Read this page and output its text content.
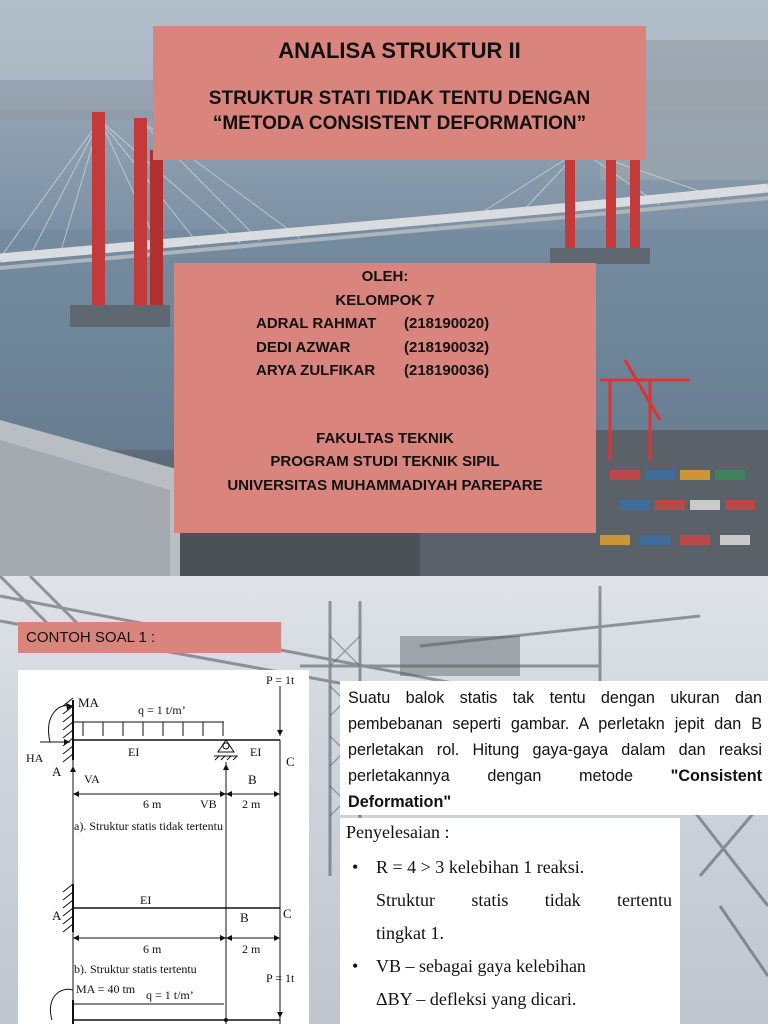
ANALISA STRUKTUR II
STRUKTUR STATI TIDAK TENTU DENGAN
“METODA CONSISTENT DEFORMATION”
OLEH:
KELOMPOK 7
ADRAL RAHMAT	(218190020)
DEDI AZWAR	(218190032)
ARYA ZULFIKAR	(218190036)
FAKULTAS TEKNIK
PROGRAM STUDI TEKNIK SIPIL
UNIVERSITAS MUHAMMADIYAH PAREPARE
CONTOH SOAL 1 :
MA
P = 1t
q = 1 t/m’
EI	EI
HA
A VA	B
C
6 m	VB 2 m
a). Struktur statis tidak tertentu
A
EI
B	C
6 m	2 m
b). Struktur statis tertentu
P = 1t
MA = 40 tm q = 1 t/m’
Suatu balok statis tak tentu dengan ukuran dan pembebanan seperti gambar. A perletakn jepit dan B perletakan rol. Hitung gaya-gaya dalam dan reaksi perletakannya dengan metode "Consistent Deformation"
Penyelesaian :
• R = 4 > 3 kelebihan 1 reaksi.
Struktur statis tidak tertentu
tingkat 1.
• VB – sebagai gaya kelebihan
ΔBY – defleksi yang dicari.
